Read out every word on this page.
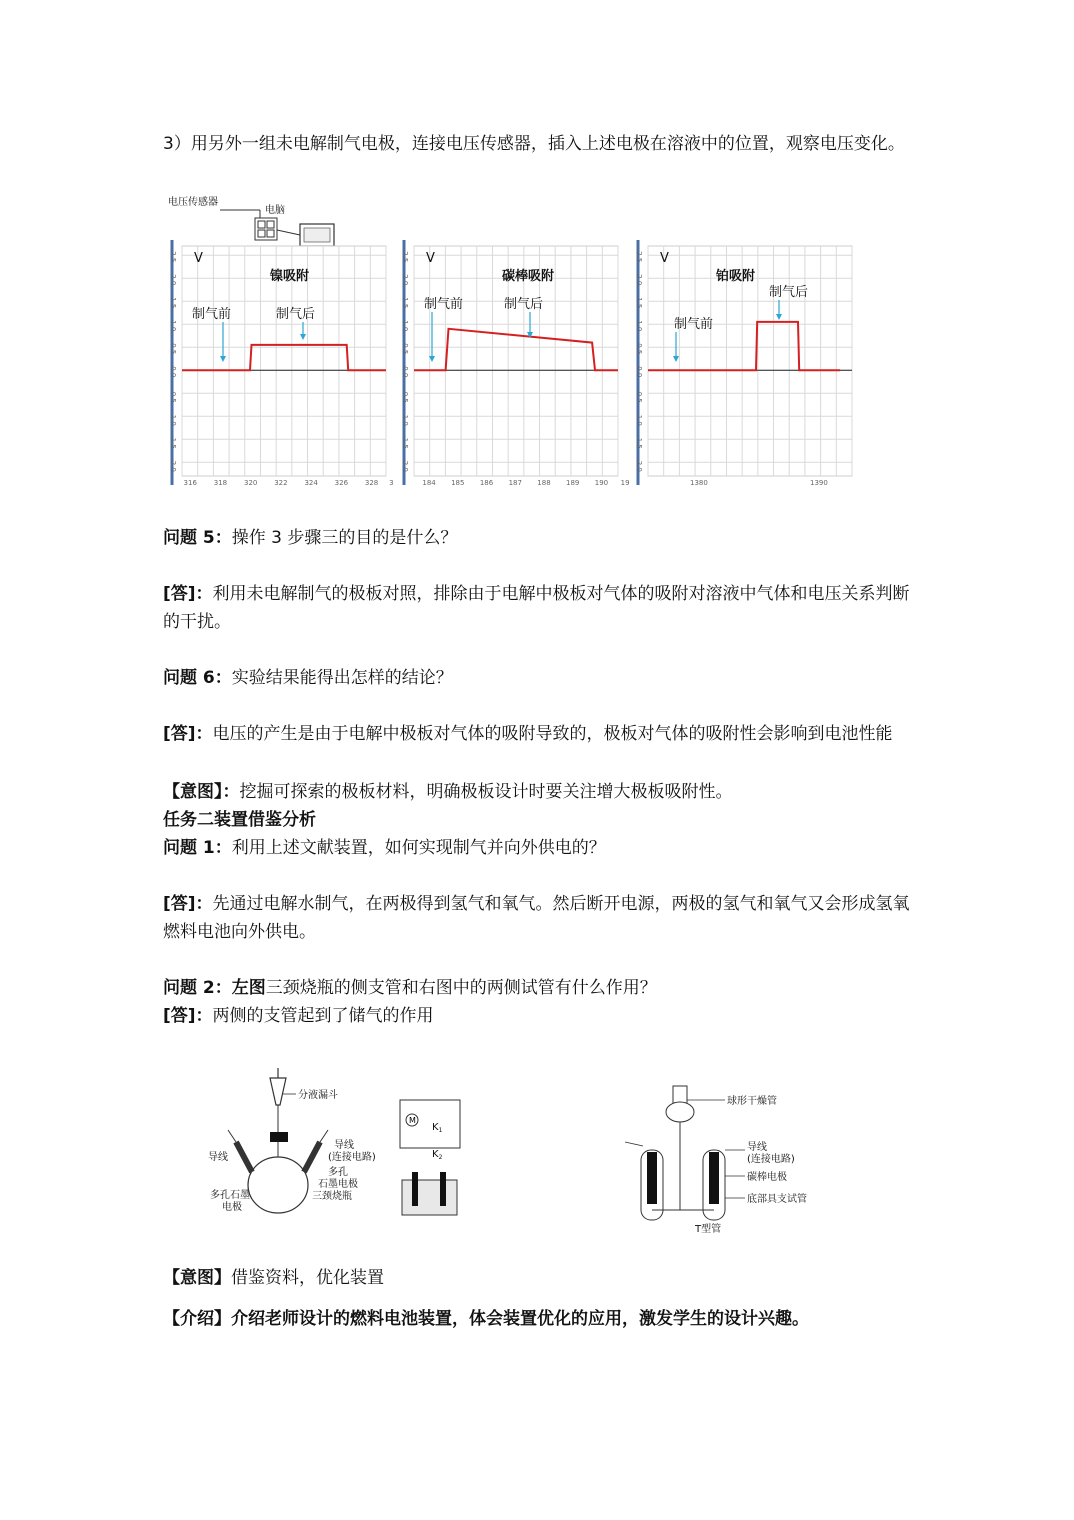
3）用另外一组未电解制气电极，连接电压传感器，插入上述电极在溶液中的位置，观察电压变化。
电压传感器
电脑
2.5
2.0
1.5
1.0
0.5
0.0
-0.5
-1.0
-1.5
-2.0
316 318 320 322 324 326 328 3
V
镍吸附
制气前	制气后
2.5
2.0
1.5
1.0
0.5
0.0
-0.5
-1.0
-1.5
-2.0
184 185 186 187 188 189 190 19
V
碳棒吸附
制气前	制气后
2.5
2.0
1.5
1.0
0.5
0.0
-0.5
-1.0
-1.5
-2.0
1380	1390
V
铂吸附
制气前
制气后
问题 5：操作 3 步骤三的目的是什么？
[答]：利用未电解制气的极板对照，排除由于电解中极板对气体的吸附对溶液中气体和电压关系判断的干扰。
问题 6：实验结果能得出怎样的结论？
[答]：电压的产生是由于电解中极板对气体的吸附导致的，极板对气体的吸附性会影响到电池性能
【意图】：挖掘可探索的极板材料，明确极板设计时要关注增大极板吸附性。
任务二装置借鉴分析
问题 1：利用上述文献装置，如何实现制气并向外供电的？
[答]：先通过电解水制气，在两极得到氢气和氧气。然后断开电源，两极的氢气和氧气又会形成氢氧燃料电池向外供电。
问题 2：左图三颈烧瓶的侧支管和右图中的两侧试管有什么作用？
[答]：两侧的支管起到了储气的作用
分液漏斗
导线
导线
(连接电路)
多孔
石墨电极
多孔石墨
电极
三颈烧瓶
M
$K_1$
$K_2$
球形干燥管
导线
(连接电路)
碳棒电极
底部具支试管
T型管
【意图】借鉴资料，优化装置
【介绍】介绍老师设计的燃料电池装置，体会装置优化的应用，激发学生的设计兴趣。
